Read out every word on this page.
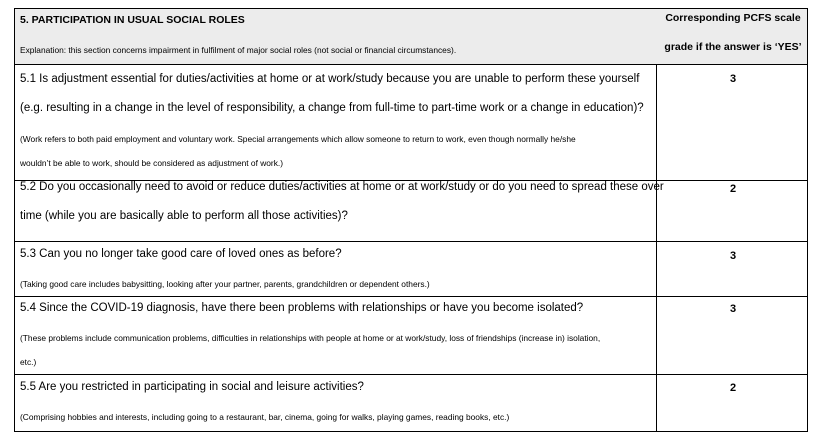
5. PARTICIPATION IN USUAL SOCIAL ROLES
Explanation: this section concerns impairment in fulfilment of major social roles (not social or financial circumstances).
Corresponding PCFS scale
grade if the answer is ‘YES’
5.1 Is adjustment essential for duties/activities at home or at work/study because you are unable to perform these yourself
(e.g. resulting in a change in the level of responsibility, a change from full-time to part-time work or a change in education)?
(Work refers to both paid employment and voluntary work. Special arrangements which allow someone to return to work, even though normally he/she
wouldn’t be able to work, should be considered as adjustment of work.)
3
5.2 Do you occasionally need to avoid or reduce duties/activities at home or at work/study or do you need to spread these over
time (while you are basically able to perform all those activities)?
2
5.3 Can you no longer take good care of loved ones as before?
(Taking good care includes babysitting, looking after your partner, parents, grandchildren or dependent others.)
3
5.4 Since the COVID-19 diagnosis, have there been problems with relationships or have you become isolated?
(These problems include communication problems, difficulties in relationships with people at home or at work/study, loss of friendships (increase in) isolation,
etc.)
3
5.5 Are you restricted in participating in social and leisure activities?
(Comprising hobbies and interests, including going to a restaurant, bar, cinema, going for walks, playing games, reading books, etc.)
2
